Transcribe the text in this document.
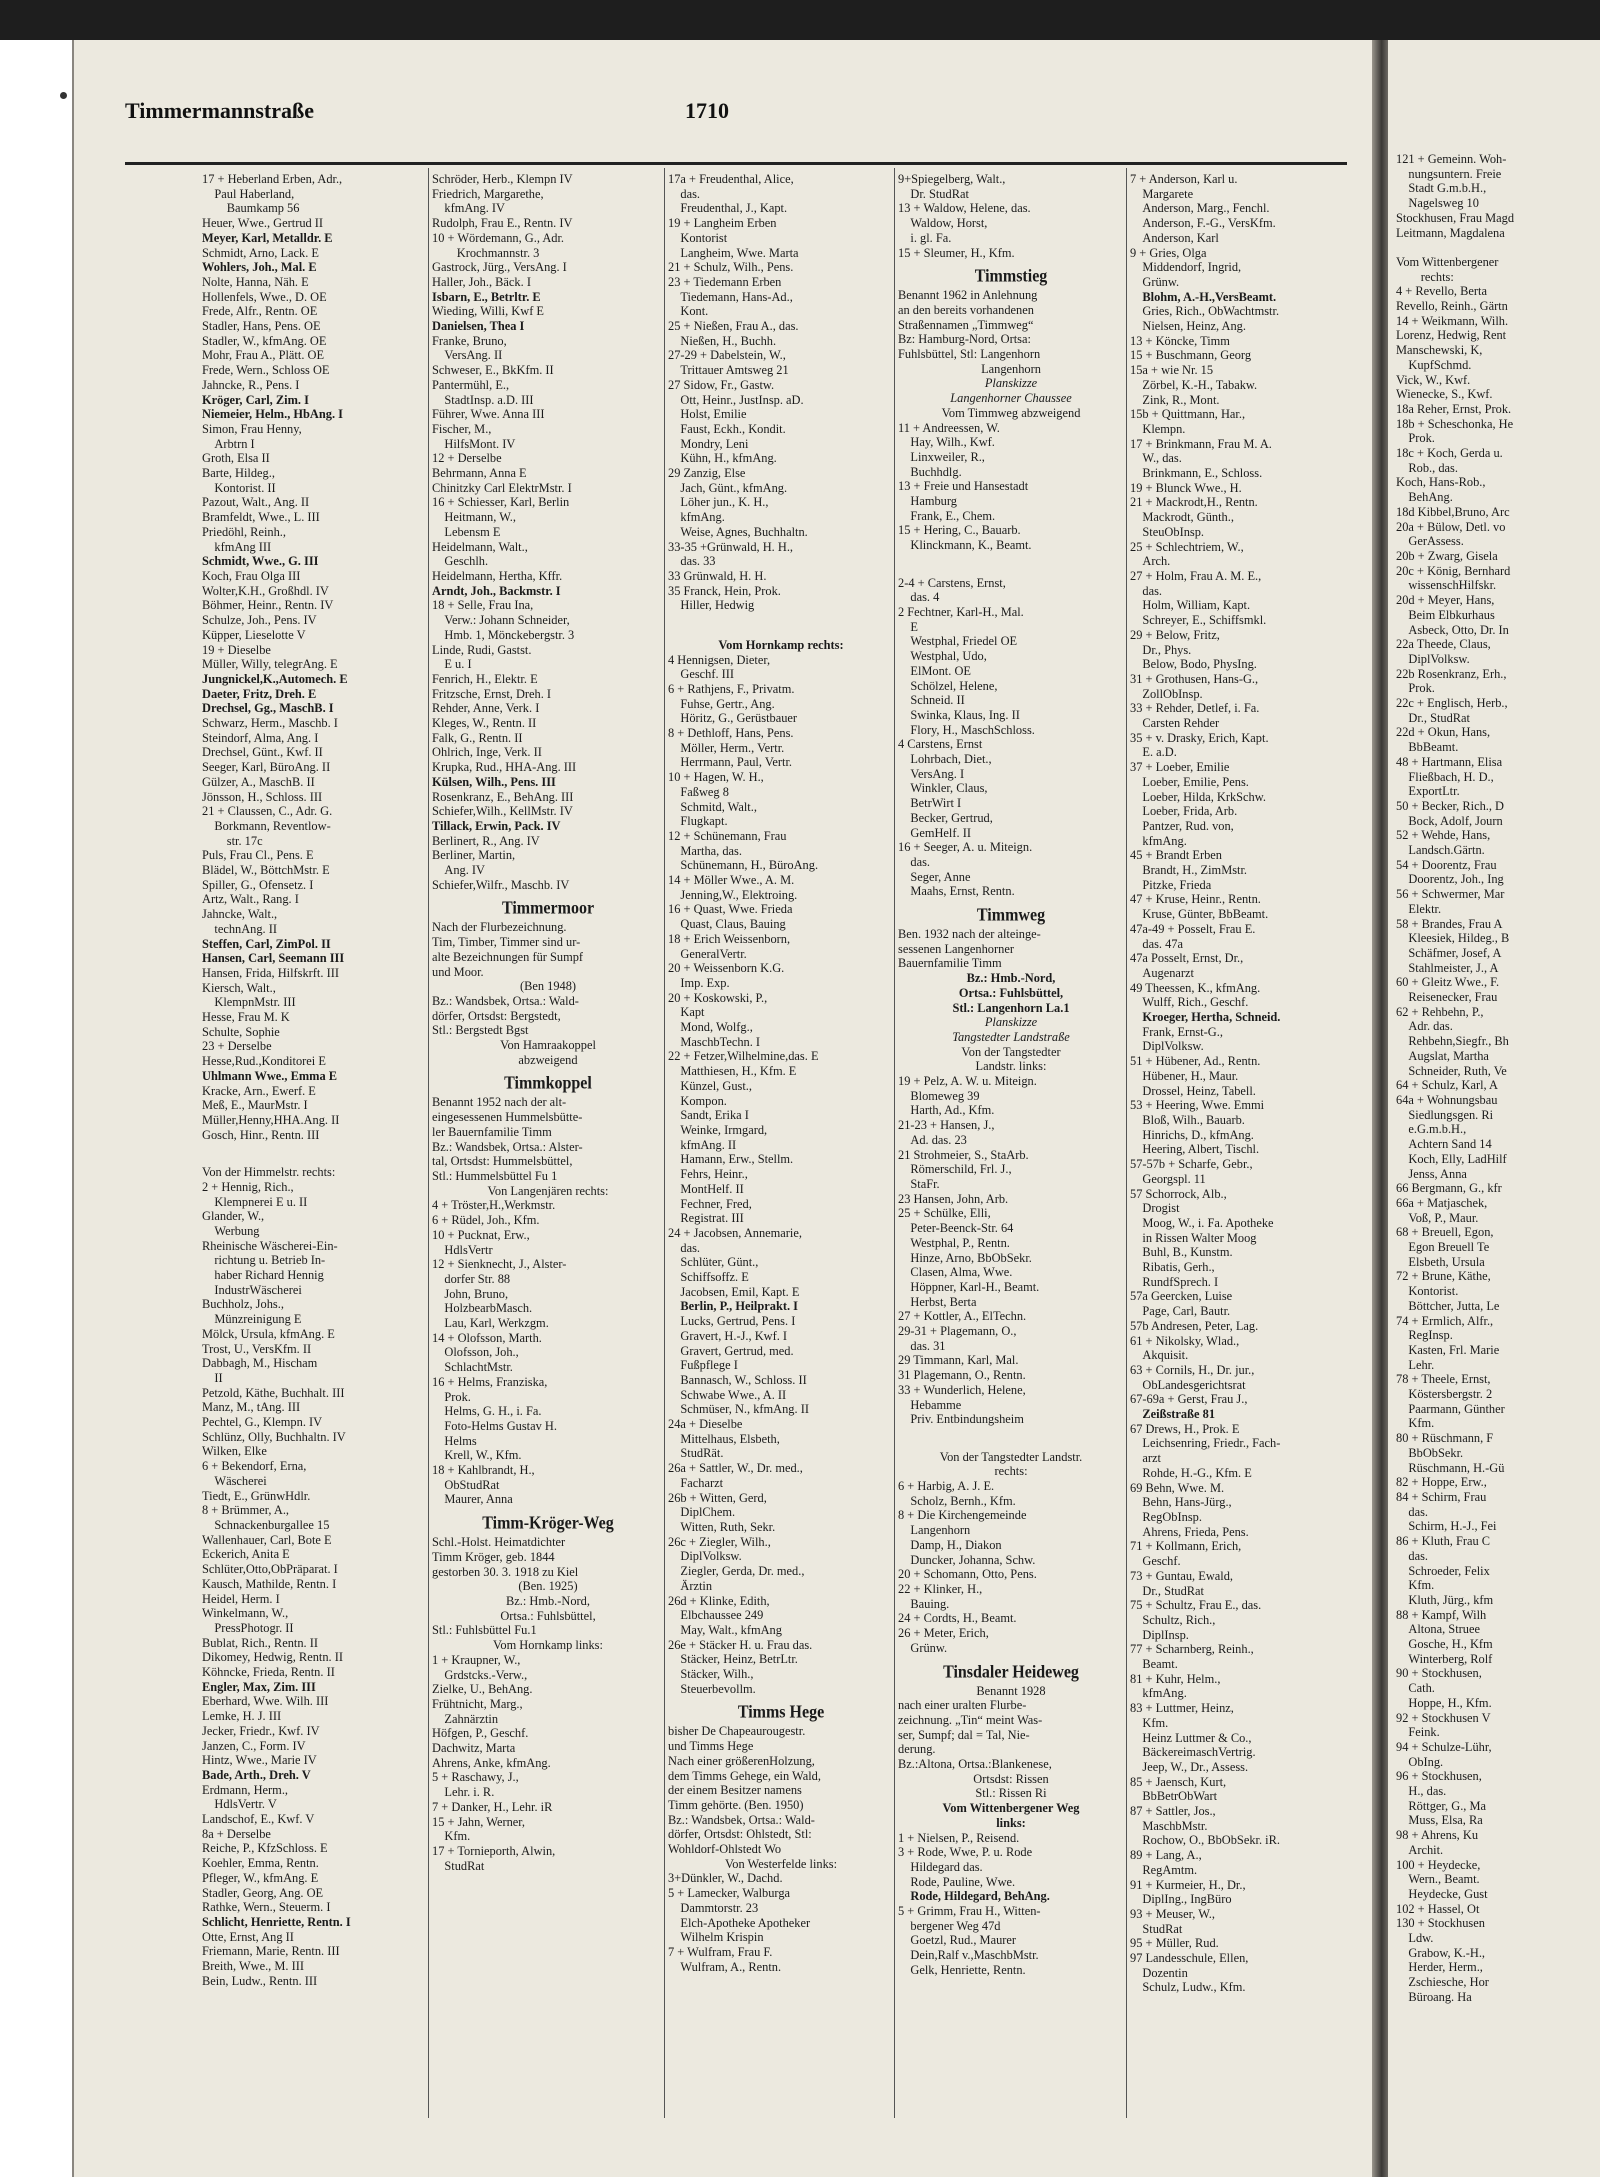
121 + Gemeinn. Woh-
nungsuntern. Freie
Stadt G.m.b.H.,
Nagelsweg 10
Stockhusen, Frau Magd
Leitmann, Magdalena

Vom Wittenbergener
rechts:
4 + Revello, Berta
Revello, Reinh., Gärtn
14 + Weikmann, Wilh.
Lorenz, Hedwig, Rent
Manschewski, K,
KupfSchmd.
Vick, W., Kwf.
Wienecke, S., Kwf.
18a Reher, Ernst, Prok.
18b + Scheschonka, He
Prok.
18c + Koch, Gerda u.
Rob., das.
Koch, Hans-Rob.,
BehAng.
18d Kibbel,Bruno, Arc
20a + Bülow, Detl. vo
GerAssess.
20b + Zwarg, Gisela
20c + König, Bernhard
wissenschHilfskr.
20d + Meyer, Hans,
Beim Elbkurhaus
Asbeck, Otto, Dr. In
22a Theede, Claus,
DiplVolksw.
22b Rosenkranz, Erh.,
Prok.
22c + Englisch, Herb.,
Dr., StudRat
22d + Okun, Hans,
BbBeamt.
48 + Hartmann, Elisa
Fließbach, H. D.,
ExportLtr.
50 + Becker, Rich., D
Bock, Adolf, Journ
52 + Wehde, Hans,
Landsch.Gärtn.
54 + Doorentz, Frau
Doorentz, Joh., Ing
56 + Schwermer, Mar
Elektr.
58 + Brandes, Frau A
Kleesiek, Hildeg., B
Schäfmer, Josef, A
Stahlmeister, J., A
60 + Gleitz Wwe., F.
Reisenecker, Frau
62 + Rehbehn, P.,
Adr. das.
Rehbehn,Siegfr., Bh
Augslat, Martha
Schneider, Ruth, Ve
64 + Schulz, Karl, A
64a + Wohnungsbau
Siedlungsgen. Ri
e.G.m.b.H.,
Achtern Sand 14
Koch, Elly, LadHilf
Jenss, Anna
66 Bergmann, G., kfr
66a + Matjaschek,
Voß, P., Maur.
68 + Breuell, Egon,
Egon Breuell Te
Elsbeth, Ursula
72 + Brune, Käthe,
Kontorist.
Böttcher, Jutta, Le
74 + Ermlich, Alfr.,
RegInsp.
Kasten, Frl. Marie
Lehr.
78 + Theele, Ernst,
Köstersbergstr. 2
Paarmann, Günther
Kfm.
80 + Rüschmann, F
BbObSekr.
Rüschmann, H.-Gü
82 + Hoppe, Erw.,
84 + Schirm, Frau
das.
Schirm, H.-J., Fei
86 + Kluth, Frau C
das.
Schroeder, Felix
Kfm.
Kluth, Jürg., kfm
88 + Kampf, Wilh
Altona, Struee
Gosche, H., Kfm
Winterberg, Rolf
90 + Stockhusen,
Cath.
Hoppe, H., Kfm.
92 + Stockhusen V
Feink.
94 + Schulze-Lühr,
ObIng.
96 + Stockhusen,
H., das.
Röttger, G., Ma
Muss, Elsa, Ra
98 + Ahrens, Ku
Archit.
100 + Heydecke,
Wern., Beamt.
Heydecke, Gust
102 + Hassel, Ot
130 + Stockhusen
Ldw.
Grabow, K.-H.,
Herder, Herm.,
Zschiesche, Hor
Büroang. Ha
Timmermannstraße	1710
17 + Heberland Erben, Adr.,
Paul Haberland,
Baumkamp 56
Heuer, Wwe., Gertrud II
Meyer, Karl, Metalldr. E
Schmidt, Arno, Lack. E
Wohlers, Joh., Mal. E
Nolte, Hanna, Näh. E
Hollenfels, Wwe., D. OE
Frede, Alfr., Rentn. OE
Stadler, Hans, Pens. OE
Stadler, W., kfmAng. OE
Mohr, Frau A., Plätt. OE
Frede, Wern., Schloss OE
Jahncke, R., Pens. I
Kröger, Carl, Zim. I
Niemeier, Helm., HbAng. I
Simon, Frau Henny,
Arbtrn I
Groth, Elsa II
Barte, Hildeg.,
Kontorist. II
Pazout, Walt., Ang. II
Bramfeldt, Wwe., L. III
Priedöhl, Reinh.,
kfmAng III
Schmidt, Wwe., G. III
Koch, Frau Olga III
Wolter,K.H., Großhdl. IV
Böhmer, Heinr., Rentn. IV
Schulze, Joh., Pens. IV
Küpper, Lieselotte V
19 + Dieselbe
Müller, Willy, telegrAng. E
Jungnickel,K.,Automech. E
Daeter, Fritz, Dreh. E
Drechsel, Gg., MaschB. I
Schwarz, Herm., Maschb. I
Steindorf, Alma, Ang. I
Drechsel, Günt., Kwf. II
Seeger, Karl, BüroAng. II
Gülzer, A., MaschB. II
Jönsson, H., Schloss. III
21 + Claussen, C., Adr. G.
Borkmann, Reventlow-
str. 17c
Puls, Frau Cl., Pens. E
Blädel, W., BöttchMstr. E
Spiller, G., Ofensetz. I
Artz, Walt., Rang. I
Jahncke, Walt.,
technAng. II
Steffen, Carl, ZimPol. II
Hansen, Carl, Seemann III
Hansen, Frida, Hilfskrft. III
Kiersch, Walt.,
KlempnMstr. III
Hesse, Frau M. K
Schulte, Sophie
23 + Derselbe
Hesse,Rud.,Konditorei E
Uhlmann Wwe., Emma E
Kracke, Arn., Ewerf. E
Meß, E., MaurMstr. I
Müller,Henny,HHA.Ang. II
Gosch, Hinr., Rentn. III

Von der Himmelstr. rechts:
2 + Hennig, Rich.,
Klempnerei E u. II
Glander, W.,
Werbung
Rheinische Wäscherei-Ein-
richtung u. Betrieb In-
haber Richard Hennig
IndustrWäscherei
Buchholz, Johs.,
Münzreinigung E
Mölck, Ursula, kfmAng. E
Trost, U., VersKfm. II
Dabbagh, M., Hischam
II
Petzold, Käthe, Buchhalt. III
Manz, M., tAng. III
Pechtel, G., Klempn. IV
Schlünz, Olly, Buchhaltn. IV
Wilken, Elke
6 + Bekendorf, Erna,
Wäscherei
Tiedt, E., GrünwHdlr.
8 + Brümmer, A.,
Schnackenburgallee 15
Wallenhauer, Carl, Bote E
Eckerich, Anita E
Schlüter,Otto,ObPräparat. I
Kausch, Mathilde, Rentn. I
Heidel, Herm. I
Winkelmann, W.,
PressPhotogr. II
Bublat, Rich., Rentn. II
Dikomey, Hedwig, Rentn. II
Köhncke, Frieda, Rentn. II
Engler, Max, Zim. III
Eberhard, Wwe. Wilh. III
Lemke, H. J. III
Jecker, Friedr., Kwf. IV
Janzen, C., Form. IV
Hintz, Wwe., Marie IV
Bade, Arth., Dreh. V
Erdmann, Herm.,
HdlsVertr. V
Landschof, E., Kwf. V
8a + Derselbe
Reiche, P., KfzSchloss. E
Koehler, Emma, Rentn.
Pfleger, W., kfmAng. E
Stadler, Georg, Ang. OE
Rathke, Wern., Steuerm. I
Schlicht, Henriette, Rentn. I
Otte, Ernst, Ang II
Friemann, Marie, Rentn. III
Breith, Wwe., M. III
Bein, Ludw., Rentn. III
Schröder, Herb., Klempn IV
Friedrich, Margarethe,
kfmAng. IV
Rudolph, Frau E., Rentn. IV
10 + Wördemann, G., Adr.
Krochmannstr. 3
Gastrock, Jürg., VersAng. I
Haller, Joh., Bäck. I
Isbarn, E., Betrltr. E
Wieding, Willi, Kwf E
Danielsen, Thea I
Franke, Bruno,
VersAng. II
Schweser, E., BkKfm. II
Pantermühl, E.,
StadtInsp. a.D. III
Führer, Wwe. Anna III
Fischer, M.,
HilfsMont. IV
12 + Derselbe
Behrmann, Anna E
Chinitzky Carl ElektrMstr. I
16 + Schiesser, Karl, Berlin
Heitmann, W.,
Lebensm E
Heidelmann, Walt.,
Geschlh.
Heidelmann, Hertha, Kffr.
Arndt, Joh., Backmstr. I
18 + Selle, Frau Ina,
Verw.: Johann Schneider,
Hmb. 1, Mönckebergstr. 3
Linde, Rudi, Gastst.
E u. I
Fenrich, H., Elektr. E
Fritzsche, Ernst, Dreh. I
Rehder, Anne, Verk. I
Kleges, W., Rentn. II
Falk, G., Rentn. II
Ohlrich, Inge, Verk. II
Krupka, Rud., HHA-Ang. III
Külsen, Wilh., Pens. III
Rosenkranz, E., BehAng. III
Schiefer,Wilh., KellMstr. IV
Tillack, Erwin, Pack. IV
Berlinert, R., Ang. IV
Berliner, Martin,
Ang. IV
Schiefer,Wilfr., Maschb. IV
Timmermoor
Nach der Flurbezeichnung.
Tim, Timber, Timmer sind ur-
alte Bezeichnungen für Sumpf
und Moor.
(Ben 1948)
Bz.: Wandsbek, Ortsa.: Wald-
dörfer, Ortsdst: Bergstedt,
Stl.: Bergstedt Bgst
Von Hamraakoppel
abzweigend
Timmkoppel
Benannt 1952 nach der alt-
eingesessenen Hummelsbütte-
ler Bauernfamilie Timm
Bz.: Wandsbek, Ortsa.: Alster-
tal, Ortsdst: Hummelsbüttel,
Stl.: Hummelsbüttel Fu 1
Von Langenjären rechts:
4 + Tröster,H.,Werkmstr.
6 + Rüdel, Joh., Kfm.
10 + Pucknat, Erw.,
HdlsVertr
12 + Sienknecht, J., Alster-
dorfer Str. 88
John, Bruno,
HolzbearbMasch.
Lau, Karl, Werkzgm.
14 + Olofsson, Marth.
Olofsson, Joh.,
SchlachtMstr.
16 + Helms, Franziska,
Prok.
Helms, G. H., i. Fa.
Foto-Helms Gustav H.
Helms
Krell, W., Kfm.
18 + Kahlbrandt, H.,
ObStudRat
Maurer, Anna
Timm-Kröger-Weg
Schl.-Holst. Heimatdichter
Timm Kröger, geb. 1844
gestorben 30. 3. 1918 zu Kiel
(Ben. 1925)
Bz.: Hmb.-Nord,
Ortsa.: Fuhlsbüttel,
Stl.: Fuhlsbüttel Fu.1
Vom Hornkamp links:
1 + Kraupner, W.,
Grdstcks.-Verw.,
Zielke, U., BehAng.
Frühtnicht, Marg.,
Zahnärztin
Höfgen, P., Geschf.
Dachwitz, Marta
Ahrens, Anke, kfmAng.
5 + Raschawy, J.,
Lehr. i. R.
7 + Danker, H., Lehr. iR
15 + Jahn, Werner,
Kfm.
17 + Tornieporth, Alwin,
StudRat
17a + Freudenthal, Alice,
das.
Freudenthal, J., Kapt.
19 + Langheim Erben
Kontorist
Langheim, Wwe. Marta
21 + Schulz, Wilh., Pens.
23 + Tiedemann Erben
Tiedemann, Hans-Ad.,
Kont.
25 + Nießen, Frau A., das.
Nießen, H., Buchh.
27-29 + Dabelstein, W.,
Trittauer Amtsweg 21
27 Sidow, Fr., Gastw.
Ott, Heinr., JustInsp. aD.
Holst, Emilie
Faust, Eckh., Kondit.
Mondry, Leni
Kühn, H., kfmAng.
29 Zanzig, Else
Jach, Günt., kfmAng.
Löher jun., K. H.,
kfmAng.
Weise, Agnes, Buchhaltn.
33-35 +Grünwald, H. H.,
das. 33
33 Grünwald, H. H.
35 Franck, Hein, Prok.
Hiller, Hedwig

Vom Hornkamp rechts:
4 Hennigsen, Dieter,
Geschf. III
6 + Rathjens, F., Privatm.
Fuhse, Gertr., Ang.
Höritz, G., Gerüstbauer
8 + Dethloff, Hans, Pens.
Möller, Herm., Vertr.
Herrmann, Paul, Vertr.
10 + Hagen, W. H.,
Faßweg 8
Schmitd, Walt.,
Flugkapt.
12 + Schünemann, Frau
Martha, das.
Schünemann, H., BüroAng.
14 + Möller Wwe., A. M.
Jenning,W., Elektroing.
16 + Quast, Wwe. Frieda
Quast, Claus, Bauing
18 + Erich Weissenborn,
GeneralVertr.
20 + Weissenborn K.G.
Imp. Exp.
20 + Koskowski, P.,
Kapt
Mond, Wolfg.,
MaschbTechn. I
22 + Fetzer,Wilhelmine,das. E
Matthiesen, H., Kfm. E
Künzel, Gust.,
Kompon.
Sandt, Erika I
Weinke, Irmgard,
kfmAng. II
Hamann, Erw., Stellm.
Fehrs, Heinr.,
MontHelf. II
Fechner, Fred,
Registrat. III
24 + Jacobsen, Annemarie,
das.
Schlüter, Günt.,
Schiffsoffz. E
Jacobsen, Emil, Kapt. E
Berlin, P., Heilprakt. I
Lucks, Gertrud, Pens. I
Gravert, H.-J., Kwf. I
Gravert, Gertrud, med.
Fußpflege I
Bannasch, W., Schloss. II
Schwabe Wwe., A. II
Schmüser, N., kfmAng. II
24a + Dieselbe
Mittelhaus, Elsbeth,
StudRät.
26a + Sattler, W., Dr. med.,
Facharzt
26b + Witten, Gerd,
DiplChem.
Witten, Ruth, Sekr.
26c + Ziegler, Wilh.,
DiplVolksw.
Ziegler, Gerda, Dr. med.,
Ärztin
26d + Klinke, Edith,
Elbchaussee 249
May, Walt., kfmAng
26e + Stäcker H. u. Frau das.
Stäcker, Heinz, BetrLtr.
Stäcker, Wilh.,
Steuerbevollm.
Timms Hege
bisher De Chapeaurougestr.
und Timms Hege
Nach einer größerenHolzung,
dem Timms Gehege, ein Wald,
der einem Besitzer namens
Timm gehörte. (Ben. 1950)
Bz.: Wandsbek, Ortsa.: Wald-
dörfer, Ortsdst: Ohlstedt, Stl:
Wohldorf-Ohlstedt Wo
Von Westerfelde links:
3+Dünkler, W., Dachd.
5 + Lamecker, Walburga
Dammtorstr. 23
Elch-Apotheke Apotheker
Wilhelm Krispin
7 + Wulfram, Frau F.
Wulfram, A., Rentn.
9+Spiegelberg, Walt.,
Dr. StudRat
13 + Waldow, Helene, das.
Waldow, Horst,
i. gl. Fa.
15 + Sleumer, H., Kfm.
Timmstieg
Benannt 1962 in Anlehnung
an den bereits vorhandenen
Straßennamen „Timmweg“
Bz: Hamburg-Nord, Ortsa:
Fuhlsbüttel, Stl: Langenhorn
Langenhorn
Planskizze
Langenhorner Chaussee
Vom Timmweg abzweigend
11 + Andreessen, W.
Hay, Wilh., Kwf.
Linxweiler, R.,
Buchhdlg.
13 + Freie und Hansestadt
Hamburg
Frank, E., Chem.
15 + Hering, C., Bauarb.
Klinckmann, K., Beamt.

2-4 + Carstens, Ernst,
das. 4
2 Fechtner, Karl-H., Mal.
E
Westphal, Friedel OE
Westphal, Udo,
ElMont. OE
Schölzel, Helene,
Schneid. II
Swinka, Klaus, Ing. II
Flory, H., MaschSchloss.
4 Carstens, Ernst
Lohrbach, Diet.,
VersAng. I
Winkler, Claus,
BetrWirt I
Becker, Gertrud,
GemHelf. II
16 + Seeger, A. u. Miteign.
das.
Seger, Anne
Maahs, Ernst, Rentn.
Timmweg
Ben. 1932 nach der alteinge-
sessenen Langenhorner
Bauernfamilie Timm
Bz.: Hmb.-Nord,
Ortsa.: Fuhlsbüttel,
Stl.: Langenhorn La.1
Planskizze
Tangstedter Landstraße
Von der Tangstedter
Landstr. links:
19 + Pelz, A. W. u. Miteign.
Blomeweg 39
Harth, Ad., Kfm.
21-23 + Hansen, J.,
Ad. das. 23
21 Strohmeier, S., StaArb.
Römerschild, Frl. J.,
StaFr.
23 Hansen, John, Arb.
25 + Schülke, Elli,
Peter-Beenck-Str. 64
Westphal, P., Rentn.
Hinze, Arno, BbObSekr.
Clasen, Alma, Wwe.
Höppner, Karl-H., Beamt.
Herbst, Berta
27 + Kottler, A., ElTechn.
29-31 + Plagemann, O.,
das. 31
29 Timmann, Karl, Mal.
31 Plagemann, O., Rentn.
33 + Wunderlich, Helene,
Hebamme
Priv. Entbindungsheim

Von der Tangstedter Landstr.
rechts:
6 + Harbig, A. J. E.
Scholz, Bernh., Kfm.
8 + Die Kirchengemeinde
Langenhorn
Damp, H., Diakon
Duncker, Johanna, Schw.
20 + Schomann, Otto, Pens.
22 + Klinker, H.,
Bauing.
24 + Cordts, H., Beamt.
26 + Meter, Erich,
Grünw.
Tinsdaler Heideweg
Benannt 1928
nach einer uralten Flurbe-
zeichnung. „Tin“ meint Was-
ser, Sumpf; dal = Tal, Nie-
derung.
Bz.:Altona, Ortsa.:Blankenese,
Ortsdst: Rissen
Stl.: Rissen Ri
Vom Wittenbergener Weg
links:
1 + Nielsen, P., Reisend.
3 + Rode, Wwe, P. u. Rode
Hildegard das.
Rode, Pauline, Wwe.
Rode, Hildegard, BehAng.
5 + Grimm, Frau H., Witten-
bergener Weg 47d
Goetzl, Rud., Maurer
Dein,Ralf v.,MaschbMstr.
Gelk, Henriette, Rentn.
7 + Anderson, Karl u.
Margarete
Anderson, Marg., Fenchl.
Anderson, F.-G., VersKfm.
Anderson, Karl
9 + Gries, Olga
Middendorf, Ingrid,
Grünw.
Blohm, A.-H.,VersBeamt.
Gries, Rich., ObWachtmstr.
Nielsen, Heinz, Ang.
13 + Köncke, Timm
15 + Buschmann, Georg
15a + wie Nr. 15
Zörbel, K.-H., Tabakw.
Zink, R., Mont.
15b + Quittmann, Har.,
Klempn.
17 + Brinkmann, Frau M. A.
W., das.
Brinkmann, E., Schloss.
19 + Blunck Wwe., H.
21 + Mackrodt,H., Rentn.
Mackrodt, Günth.,
SteuObInsp.
25 + Schlechtriem, W.,
Arch.
27 + Holm, Frau A. M. E.,
das.
Holm, William, Kapt.
Schreyer, E., Schiffsmkl.
29 + Below, Fritz,
Dr., Phys.
Below, Bodo, PhysIng.
31 + Grothusen, Hans-G.,
ZollObInsp.
33 + Rehder, Detlef, i. Fa.
Carsten Rehder
35 + v. Drasky, Erich, Kapt.
E. a.D.
37 + Loeber, Emilie
Loeber, Emilie, Pens.
Loeber, Hilda, KrkSchw.
Loeber, Frida, Arb.
Pantzer, Rud. von,
kfmAng.
45 + Brandt Erben
Brandt, H., ZimMstr.
Pitzke, Frieda
47 + Kruse, Heinr., Rentn.
Kruse, Günter, BbBeamt.
47a-49 + Posselt, Frau E.
das. 47a
47a Posselt, Ernst, Dr.,
Augenarzt
49 Theessen, K., kfmAng.
Wulff, Rich., Geschf.
Kroeger, Hertha, Schneid.
Frank, Ernst-G.,
DiplVolksw.
51 + Hübener, Ad., Rentn.
Hübener, H., Maur.
Drossel, Heinz, Tabell.
53 + Heering, Wwe. Emmi
Bloß, Wilh., Bauarb.
Hinrichs, D., kfmAng.
Heering, Albert, Tischl.
57-57b + Scharfe, Gebr.,
Georgspl. 11
57 Schorrock, Alb.,
Drogist
Moog, W., i. Fa. Apotheke
in Rissen Walter Moog
Buhl, B., Kunstm.
Ribatis, Gerh.,
RundfSprech. I
57a Geercken, Luise
Page, Carl, Bautr.
57b Andresen, Peter, Lag.
61 + Nikolsky, Wlad.,
Akquisit.
63 + Cornils, H., Dr. jur.,
ObLandesgerichtsrat
67-69a + Gerst, Frau J.,
Zeißstraße 81
67 Drews, H., Prok. E
Leichsenring, Friedr., Fach-
arzt
Rohde, H.-G., Kfm. E
69 Behn, Wwe. M.
Behn, Hans-Jürg.,
RegObInsp.
Ahrens, Frieda, Pens.
71 + Kollmann, Erich,
Geschf.
73 + Guntau, Ewald,
Dr., StudRat
75 + Schultz, Frau E., das.
Schultz, Rich.,
DiplInsp.
77 + Scharnberg, Reinh.,
Beamt.
81 + Kuhr, Helm.,
kfmAng.
83 + Luttmer, Heinz,
Kfm.
Heinz Luttmer & Co.,
BäckereimaschVertrig.
Jeep, W., Dr., Assess.
85 + Jaensch, Kurt,
BbBetrObWart
87 + Sattler, Jos.,
MaschbMstr.
Rochow, O., BbObSekr. iR.
89 + Lang, A.,
RegAmtm.
91 + Kurmeier, H., Dr.,
DiplIng., IngBüro
93 + Meuser, W.,
StudRat
95 + Müller, Rud.
97 Landesschule, Ellen,
Dozentin
Schulz, Ludw., Kfm.
